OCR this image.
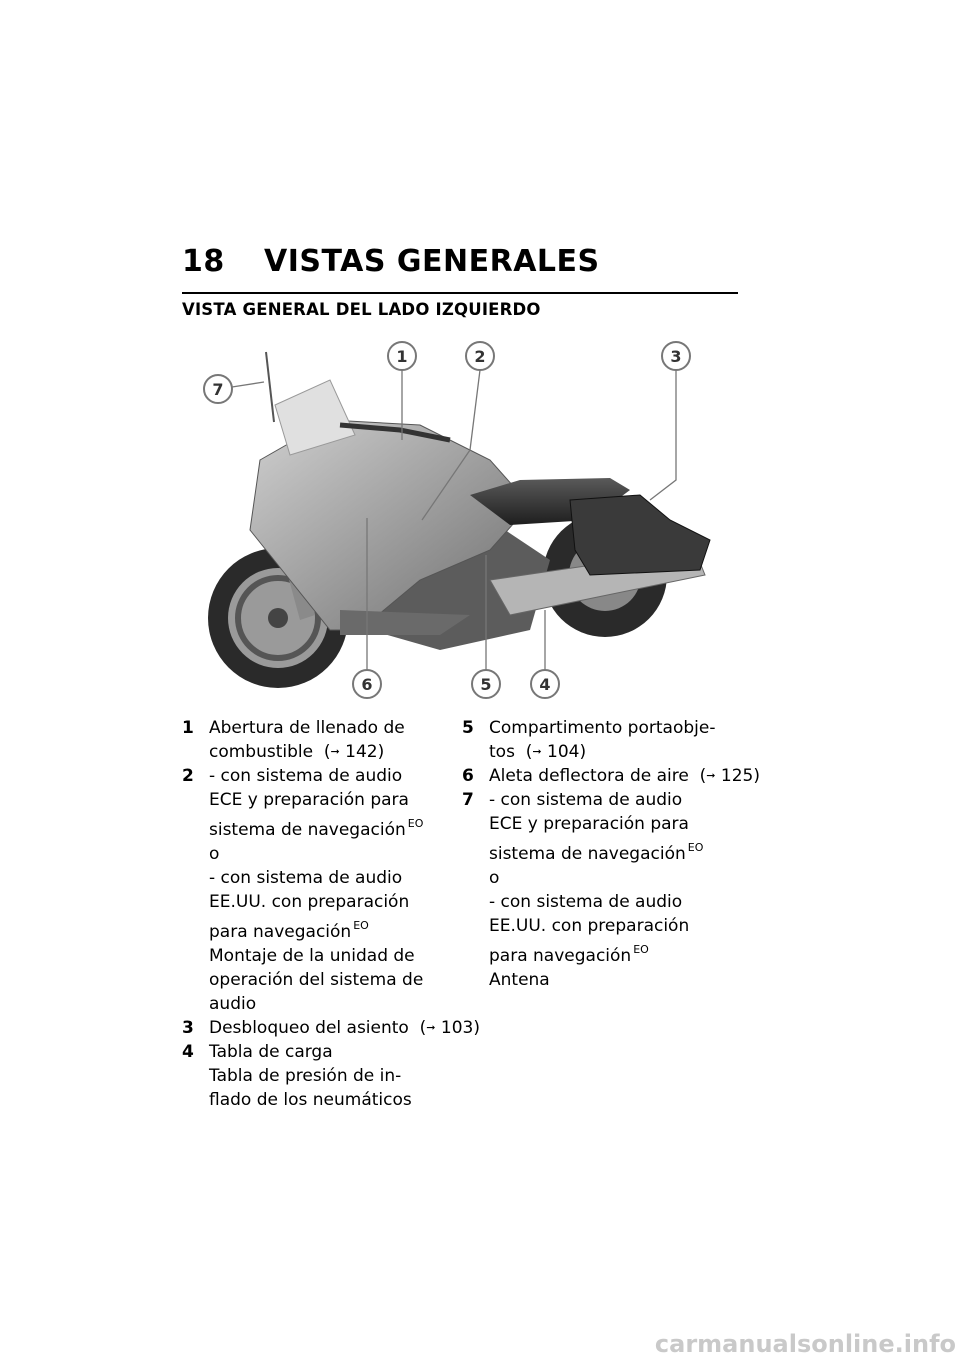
18 VISTAS GENERALES
VISTA GENERAL DEL LADO IZQUIERDO
1	2	3
4
5
6
7
1 Abertura de llenado de
combustible  (➞ 142)
2 - con sistema de audio
ECE y preparación para
sistema de navegación $^{EO}$
o
- con sistema de audio
EE.UU. con preparación
para navegación $^{EO}$
Montaje de la unidad de
operación del sistema de
audio
3 Desbloqueo del asiento  (➞ 103)
4 Tabla de carga
Tabla de presión de in-
flado de los neumáticos
5 Compartimento portaobje-
tos  (➞ 104)
6 Aleta deflectora de aire  (➞ 125)
7 - con sistema de audio
ECE y preparación para
sistema de navegación $^{EO}$
o
- con sistema de audio
EE.UU. con preparación
para navegación $^{EO}$
Antena
carmanualsonline.info
